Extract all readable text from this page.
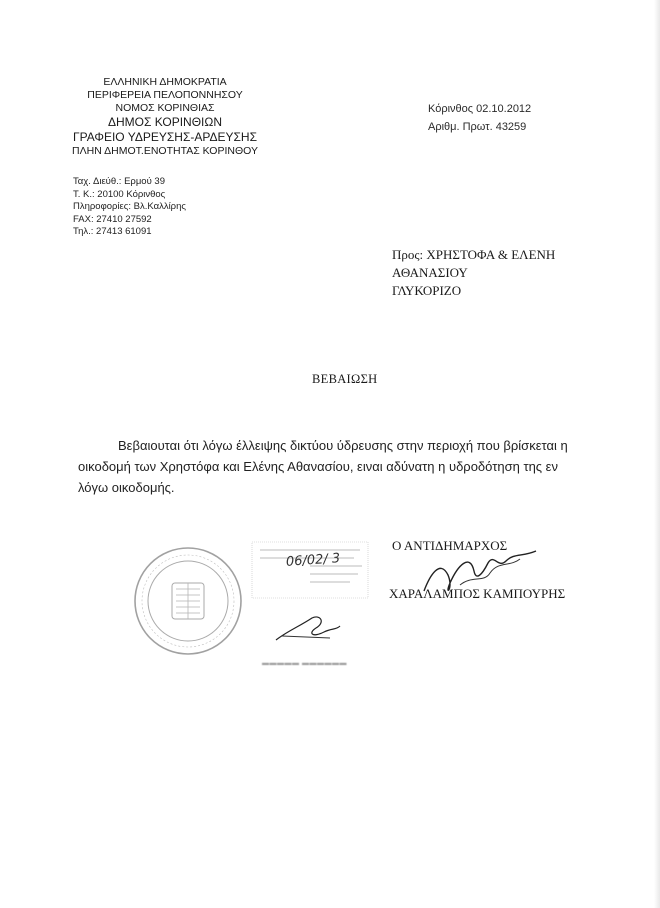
ΕΛΛΗΝΙΚΗ ΔΗΜΟΚΡΑΤΙΑ
ΠΕΡΙΦΕΡΕΙΑ ΠΕΛΟΠΟΝΝΗΣΟΥ
ΝΟΜΟΣ ΚΟΡΙΝΘΙΑΣ
ΔΗΜΟΣ ΚΟΡΙΝΘΙΩΝ
ΓΡΑΦΕΙΟ ΥΔΡΕΥΣΗΣ-ΑΡΔΕΥΣΗΣ
ΠΛΗΝ ΔΗΜΟΤ.ΕΝΟΤΗΤΑΣ ΚΟΡΙΝΘΟΥ
Ταχ. Διεύθ.: Ερμού 39
Τ. Κ.: 20100 Κόρινθος
Πληροφορίες: Βλ.Καλλίρης
FAX: 27410 27592
Τηλ.: 27413 61091
Κόρινθος 02.10.2012
Αριθμ. Πρωτ. 43259
Προς: ΧΡΗΣΤΟΦΑ & ΕΛΕΝΗ
ΑΘΑΝΑΣΙΟΥ
ΓΛΥΚΟΡΙΖΟ
ΒΕΒΑΙΩΣΗ
Βεβαιουται ότι λόγω έλλειψης δικτύου ύδρευσης στην περιοχή που βρίσκεται η οικοδομή των Χρηστόφα και Ελένης Αθανασίου, ειναι αδύνατη η υδροδότηση της εν λόγω οικοδομής.
06/02/ 3
Ο ΑΝΤΙΔΗΜΑΡΧΟΣ
ΧΑΡΑΛΑΜΠΟΣ ΚΑΜΠΟΥΡΗΣ
▬▬▬▬▬ ▬▬▬▬▬▬
